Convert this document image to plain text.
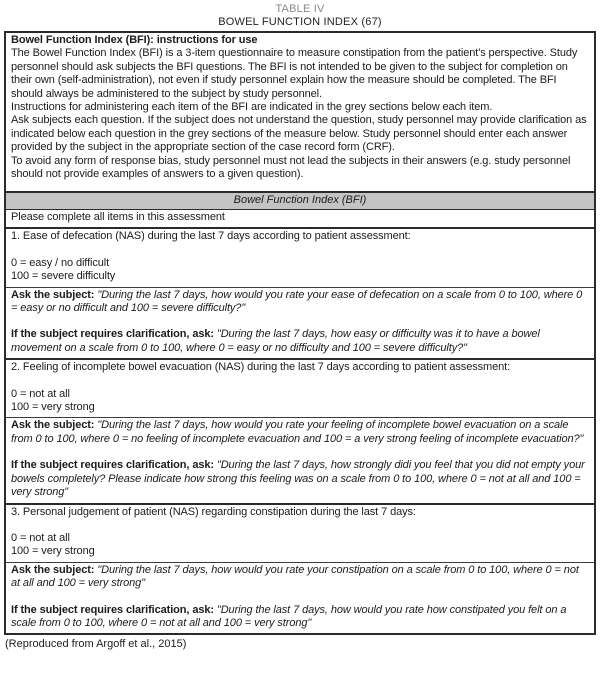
TABLE IV
BOWEL FUNCTION INDEX (67)
Bowel Function Index (BFI): instructions for use
The Bowel Function Index (BFI) is a 3-item questionnaire to measure constipation from the patient's perspective. Study personnel should ask subjects the BFI questions. The BFI is not intended to be given to the subject for completion on their own (self-administration), not even if study personnel explain how the measure should be completed. The BFI should always be administered to the subject by study personnel.
Instructions for administering each item of the BFI are indicated in the grey sections below each item.
Ask subjects each question. If the subject does not understand the question, study personnel may provide clarification as indicated below each question in the grey sections of the measure below. Study personnel should enter each answer provided by the subject in the appropriate section of the case record form (CRF).
To avoid any form of response bias, study personnel must not lead the subjects in their answers (e.g. study personnel should not provide examples of answers to a given question).
Bowel Function Index (BFI)
Please complete all items in this assessment
1. Ease of defecation (NAS) during the last 7 days according to patient assessment:
0 = easy / no difficult
100 = severe difficulty
Ask the subject: "During the last 7 days, how would you rate your ease of defecation on a scale from 0 to 100, where 0 = easy or no difficult and 100 = severe difficulty?"
If the subject requires clarification, ask: "During the last 7 days, how easy or difficulty was it to have a bowel movement on a scale from 0 to 100, where 0 = easy or no difficulty and 100 = severe difficulty?"
2. Feeling of incomplete bowel evacuation (NAS) during the last 7 days according to patient assessment:
0 = not at all
100 = very strong
Ask the subject: "During the last 7 days, how would you rate your feeling of incomplete bowel evacuation on a scale from 0 to 100, where 0 = no feeling of incomplete evacuation and 100 = a very strong feeling of incomplete evacuation?"
If the subject requires clarification, ask: "During the last 7 days, how strongly didi you feel that you did not empty your bowels completely? Please indicate how strong this feeling was on a scale from 0 to 100, where 0 = not at all and 100 = very strong"
3. Personal judgement of patient (NAS) regarding constipation during the last 7 days:
0 = not at all
100 = very strong
Ask the subject: "During the last 7 days, how would you rate your constipation on a scale from 0 to 100, where 0 = not at all and 100 = very strong"
If the subject requires clarification, ask: "During the last 7 days, how would you rate how constipated you felt on a scale from 0 to 100, where 0 = not at all and 100 = very strong"
(Reproduced from Argoff et al., 2015)
